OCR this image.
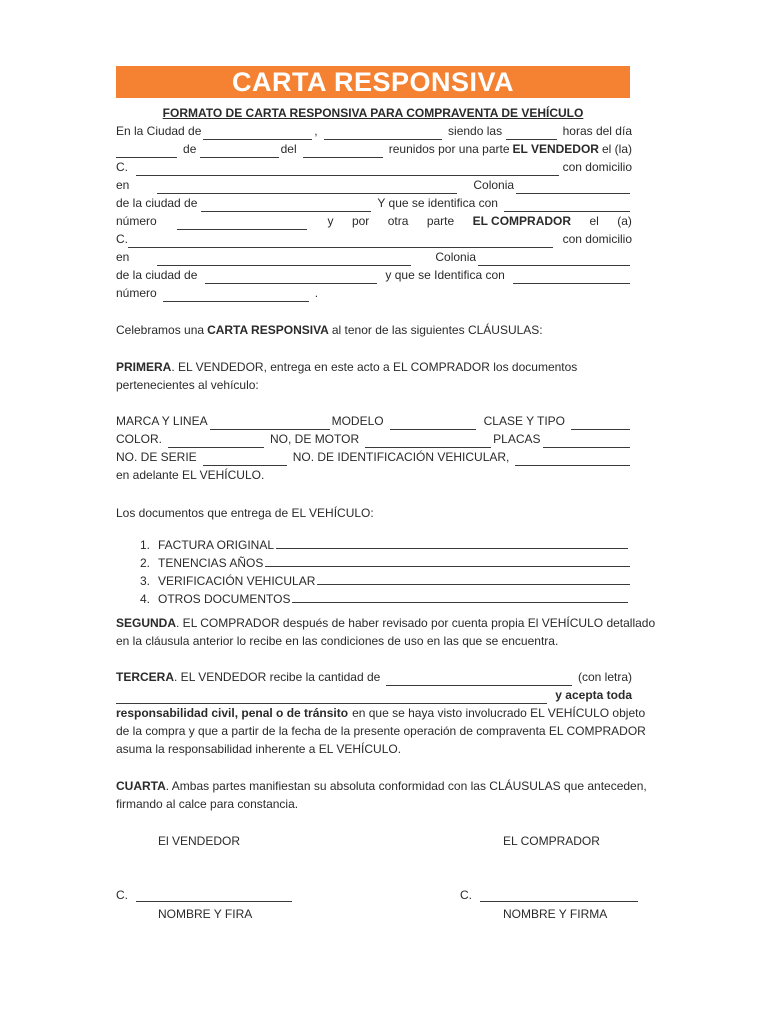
CARTA RESPONSIVA
FORMATO DE CARTA RESPONSIVA PARA COMPRAVENTA DE VEHÍCULO
En la Ciudad de	,	siendo las	horas del día
de	del	reunidos por una parte EL VENDEDOR el (la)
C.	con domicilio
en	Colonia
de la ciudad de	Y que se identifica con
número	y por otra parte EL COMPRADOR el (a)
C.	con domicilio
en	Colonia
de la ciudad de	y que se Identifica con
número	.
Celebramos una CARTA RESPONSIVA al tenor de las siguientes CLÁUSULAS:
PRIMERA . EL VENDEDOR, entrega en este acto a EL COMPRADOR los documentos
pertenecientes al vehículo:
MARCA Y LINEA	MODELO	CLASE Y TIPO
COLOR.	NO, DE MOTOR	PLACAS
NO. DE SERIE	NO. DE IDENTIFICACIÓN VEHICULAR,
en adelante EL VEHÍCULO.
Los documentos que entrega de EL VEHÍCULO:
1. FACTURA ORIGINAL
2. TENENCIAS AÑOS
3. VERIFICACIÓN VEHICULAR
4. OTROS DOCUMENTOS
SEGUNDA . EL COMPRADOR después de haber revisado por cuenta propia El VEHÍCULO detallado
en la cláusula anterior lo recibe en las condiciones de uso en las que se encuentra.
TERCERA . EL VENDEDOR recibe la cantidad de	(con letra)
y acepta toda
responsabilidad civil, penal o de tránsito en que se haya visto involucrado EL VEHÍCULO objeto
de la compra y que a partir de la fecha de la presente operación de compraventa EL COMPRADOR
asuma la responsabilidad inherente a EL VEHÍCULO.
CUARTA . Ambas partes manifiestan su absoluta conformidad con las CLÁUSULAS que anteceden,
firmando al calce para constancia.
El VENDEDOR	EL COMPRADOR
C.	C.
NOMBRE Y FIRA	NOMBRE Y FIRMA
